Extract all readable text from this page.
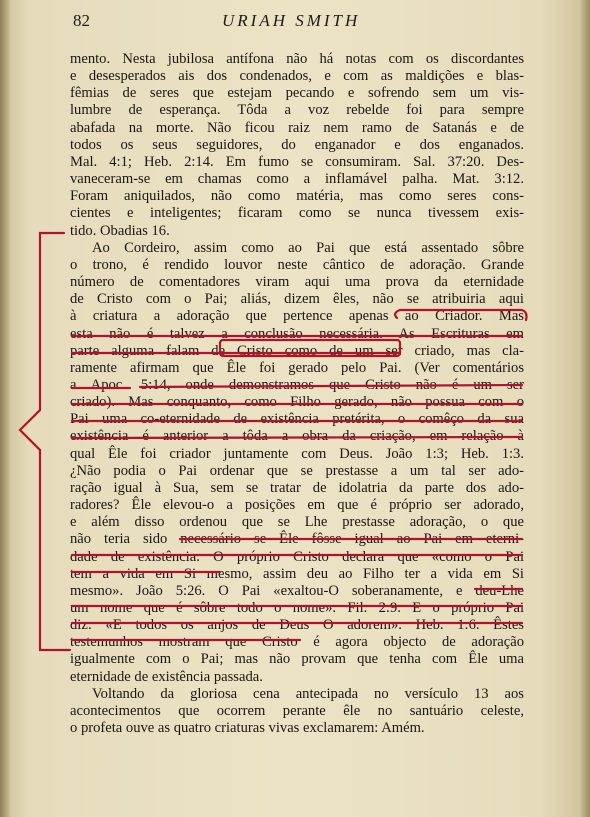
82	URIAH SMITH
mento. Nesta jubilosa antífona não há notas com os discordantes
e desesperados ais dos condenados, e com as maldições e blas-
fêmias de seres que estejam pecando e sofrendo sem um vis-
lumbre de esperança. Tôda a voz rebelde foi para sempre
abafada na morte. Não ficou raiz nem ramo de Satanás e de
todos os seus seguidores, do enganador e dos enganados.
Mal. 4:1; Heb. 2:14. Em fumo se consumiram. Sal. 37:20. Des-
vaneceram-se em chamas como a inflamável palha. Mat. 3:12.
Foram aniquilados, não como matéria, mas como seres cons-
cientes e inteligentes; ficaram como se nunca tivessem exis-
tido. Obadias 16.
Ao Cordeiro, assim como ao Pai que está assentado sôbre
o trono, é rendido louvor neste cântico de adoração. Grande
número de comentadores viram aqui uma prova da eternidade
de Cristo com o Pai; aliás, dizem êles, não se atribuiria aqui
à criatura a adoração que pertence apenas ao Criador. Mas
esta não é talvez a conclusão necessária. As Escrituras em
parte alguma falam de Cristo como de um ser criado, mas cla-
ramente afirmam que Êle foi gerado pelo Pai. (Ver comentários
a Apoc. 5:14, onde demonstramos que Cristo não é um ser
criado). Mas conquanto, como Filho gerado, não possua com o
Pai uma co-eternidade de existência pretérita, o comêço da sua
existência é anterior a tôda a obra da criação, em relação à
qual Êle foi criador juntamente com Deus. João 1:3; Heb. 1:3.
¿Não podia o Pai ordenar que se prestasse a um tal ser ado-
ração igual à Sua, sem se tratar de idolatria da parte dos ado-
radores? Êle elevou-o a posições em que é próprio ser adorado,
e além disso ordenou que se Lhe prestasse adoração, o que
não teria sido necessário se Êle fôsse igual ao Pai em eterni-
dade de existência. O próprio Cristo declara que «como o Pai
tem a vida em Si mesmo, assim deu ao Filho ter a vida em Si
mesmo». João 5:26. O Pai «exaltou-O soberanamente, e deu-Lhe
um nome que é sôbre todo o nome». Fil. 2:9. E o próprio Pai
diz: «E todos os anjos de Deus O adorem». Heb. 1:6. Êstes
testemunhos mostram que Cristo é agora objecto de adoração
igualmente com o Pai; mas não provam que tenha com Êle uma
eternidade de existência passada.
Voltando da gloriosa cena antecipada no versículo 13 aos
acontecimentos que ocorrem perante êle no santuário celeste,
o profeta ouve as quatro criaturas vivas exclamarem: Amém.
